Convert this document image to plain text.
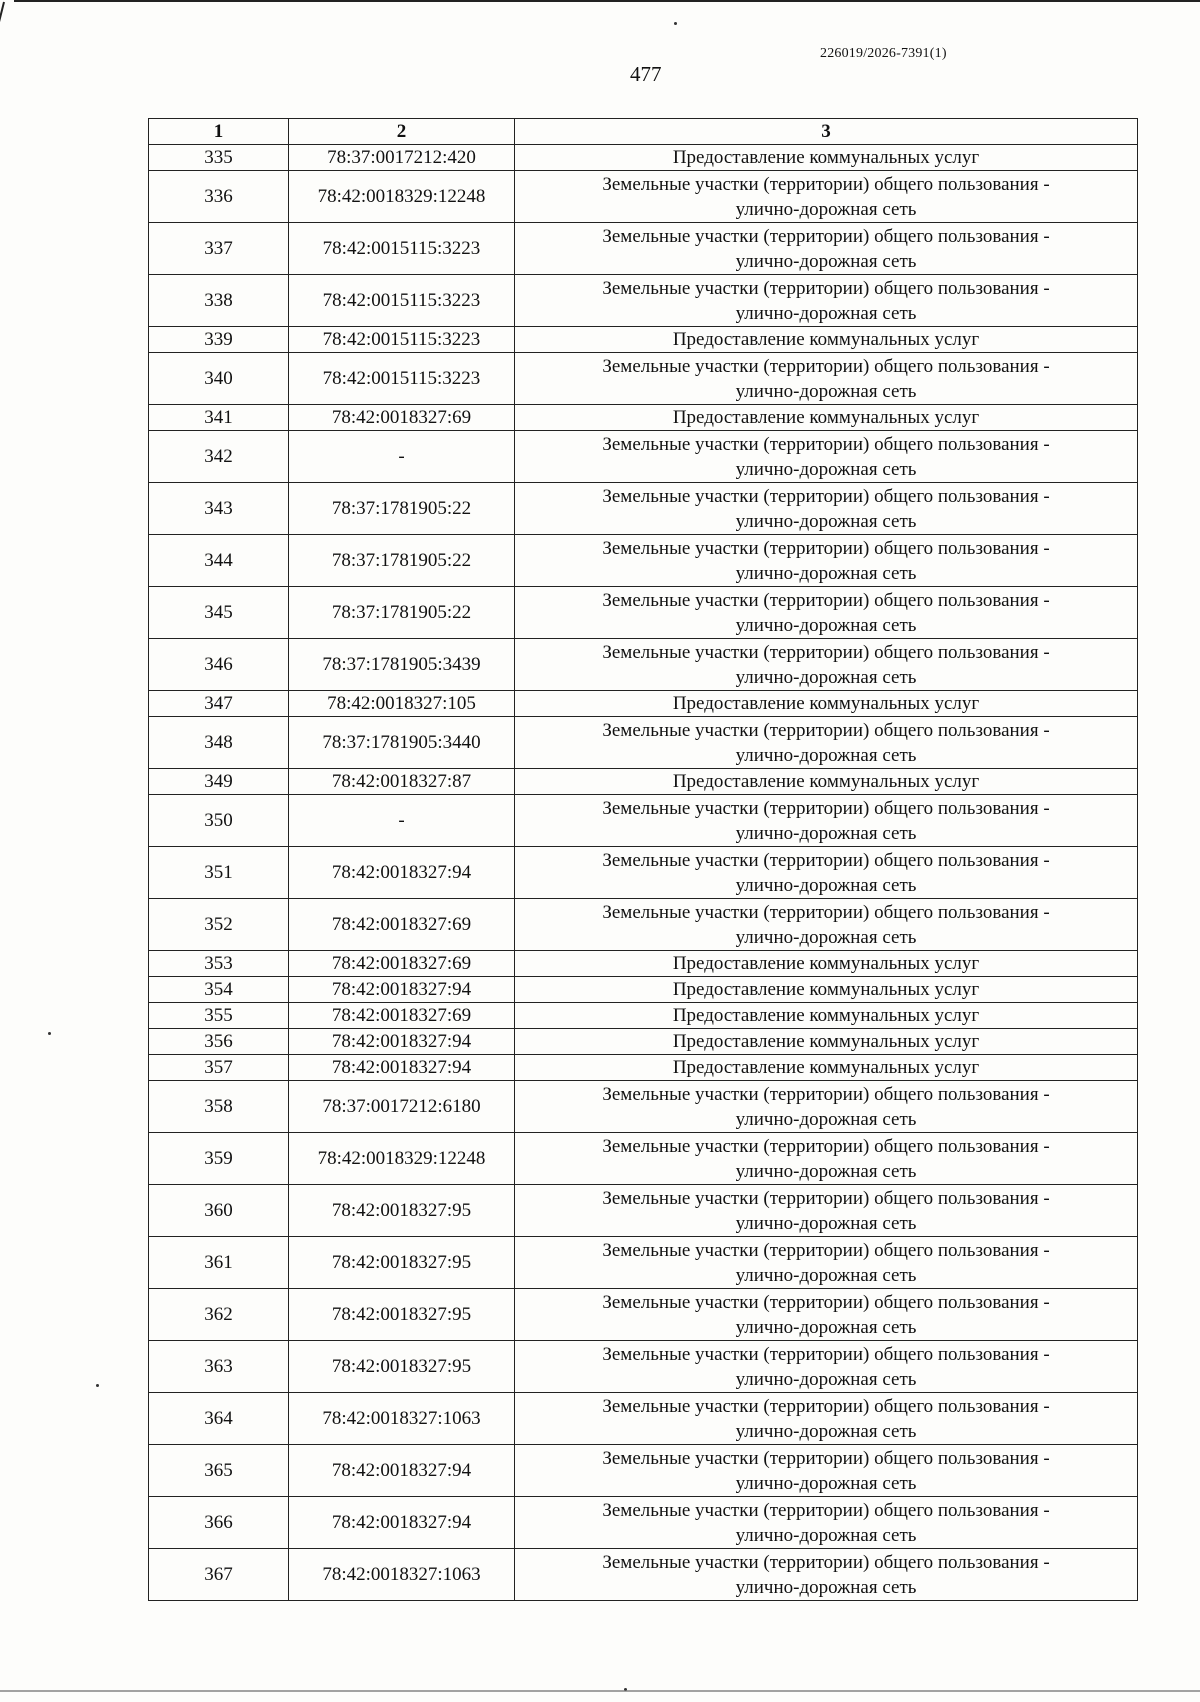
226019/2026-7391(1)
477
1	2	3
335	78:37:0017212:420	Предоставление коммунальных услуг

336	78:42:0018329:12248	Земельные участки (территории) общего пользования -
улично-дорожная сеть

337	78:42:0015115:3223	Земельные участки (территории) общего пользования -
улично-дорожная сеть

338	78:42:0015115:3223	Земельные участки (территории) общего пользования -
улично-дорожная сеть

339	78:42:0015115:3223	Предоставление коммунальных услуг

340	78:42:0015115:3223	Земельные участки (территории) общего пользования -
улично-дорожная сеть

341	78:42:0018327:69	Предоставление коммунальных услуг

342	-	Земельные участки (территории) общего пользования -
улично-дорожная сеть

343	78:37:1781905:22	Земельные участки (территории) общего пользования -
улично-дорожная сеть

344	78:37:1781905:22	Земельные участки (территории) общего пользования -
улично-дорожная сеть

345	78:37:1781905:22	Земельные участки (территории) общего пользования -
улично-дорожная сеть

346	78:37:1781905:3439	Земельные участки (территории) общего пользования -
улично-дорожная сеть

347	78:42:0018327:105	Предоставление коммунальных услуг

348	78:37:1781905:3440	Земельные участки (территории) общего пользования -
улично-дорожная сеть

349	78:42:0018327:87	Предоставление коммунальных услуг

350	-	Земельные участки (территории) общего пользования -
улично-дорожная сеть

351	78:42:0018327:94	Земельные участки (территории) общего пользования -
улично-дорожная сеть

352	78:42:0018327:69	Земельные участки (территории) общего пользования -
улично-дорожная сеть

353	78:42:0018327:69	Предоставление коммунальных услуг

354	78:42:0018327:94	Предоставление коммунальных услуг

355	78:42:0018327:69	Предоставление коммунальных услуг

356	78:42:0018327:94	Предоставление коммунальных услуг

357	78:42:0018327:94	Предоставление коммунальных услуг

358	78:37:0017212:6180	Земельные участки (территории) общего пользования -
улично-дорожная сеть

359	78:42:0018329:12248	Земельные участки (территории) общего пользования -
улично-дорожная сеть

360	78:42:0018327:95	Земельные участки (территории) общего пользования -
улично-дорожная сеть

361	78:42:0018327:95	Земельные участки (территории) общего пользования -
улично-дорожная сеть

362	78:42:0018327:95	Земельные участки (территории) общего пользования -
улично-дорожная сеть

363	78:42:0018327:95	Земельные участки (территории) общего пользования -
улично-дорожная сеть

364	78:42:0018327:1063	Земельные участки (территории) общего пользования -
улично-дорожная сеть

365	78:42:0018327:94	Земельные участки (территории) общего пользования -
улично-дорожная сеть

366	78:42:0018327:94	Земельные участки (территории) общего пользования -
улично-дорожная сеть

367	78:42:0018327:1063	Земельные участки (территории) общего пользования -
улично-дорожная сеть
